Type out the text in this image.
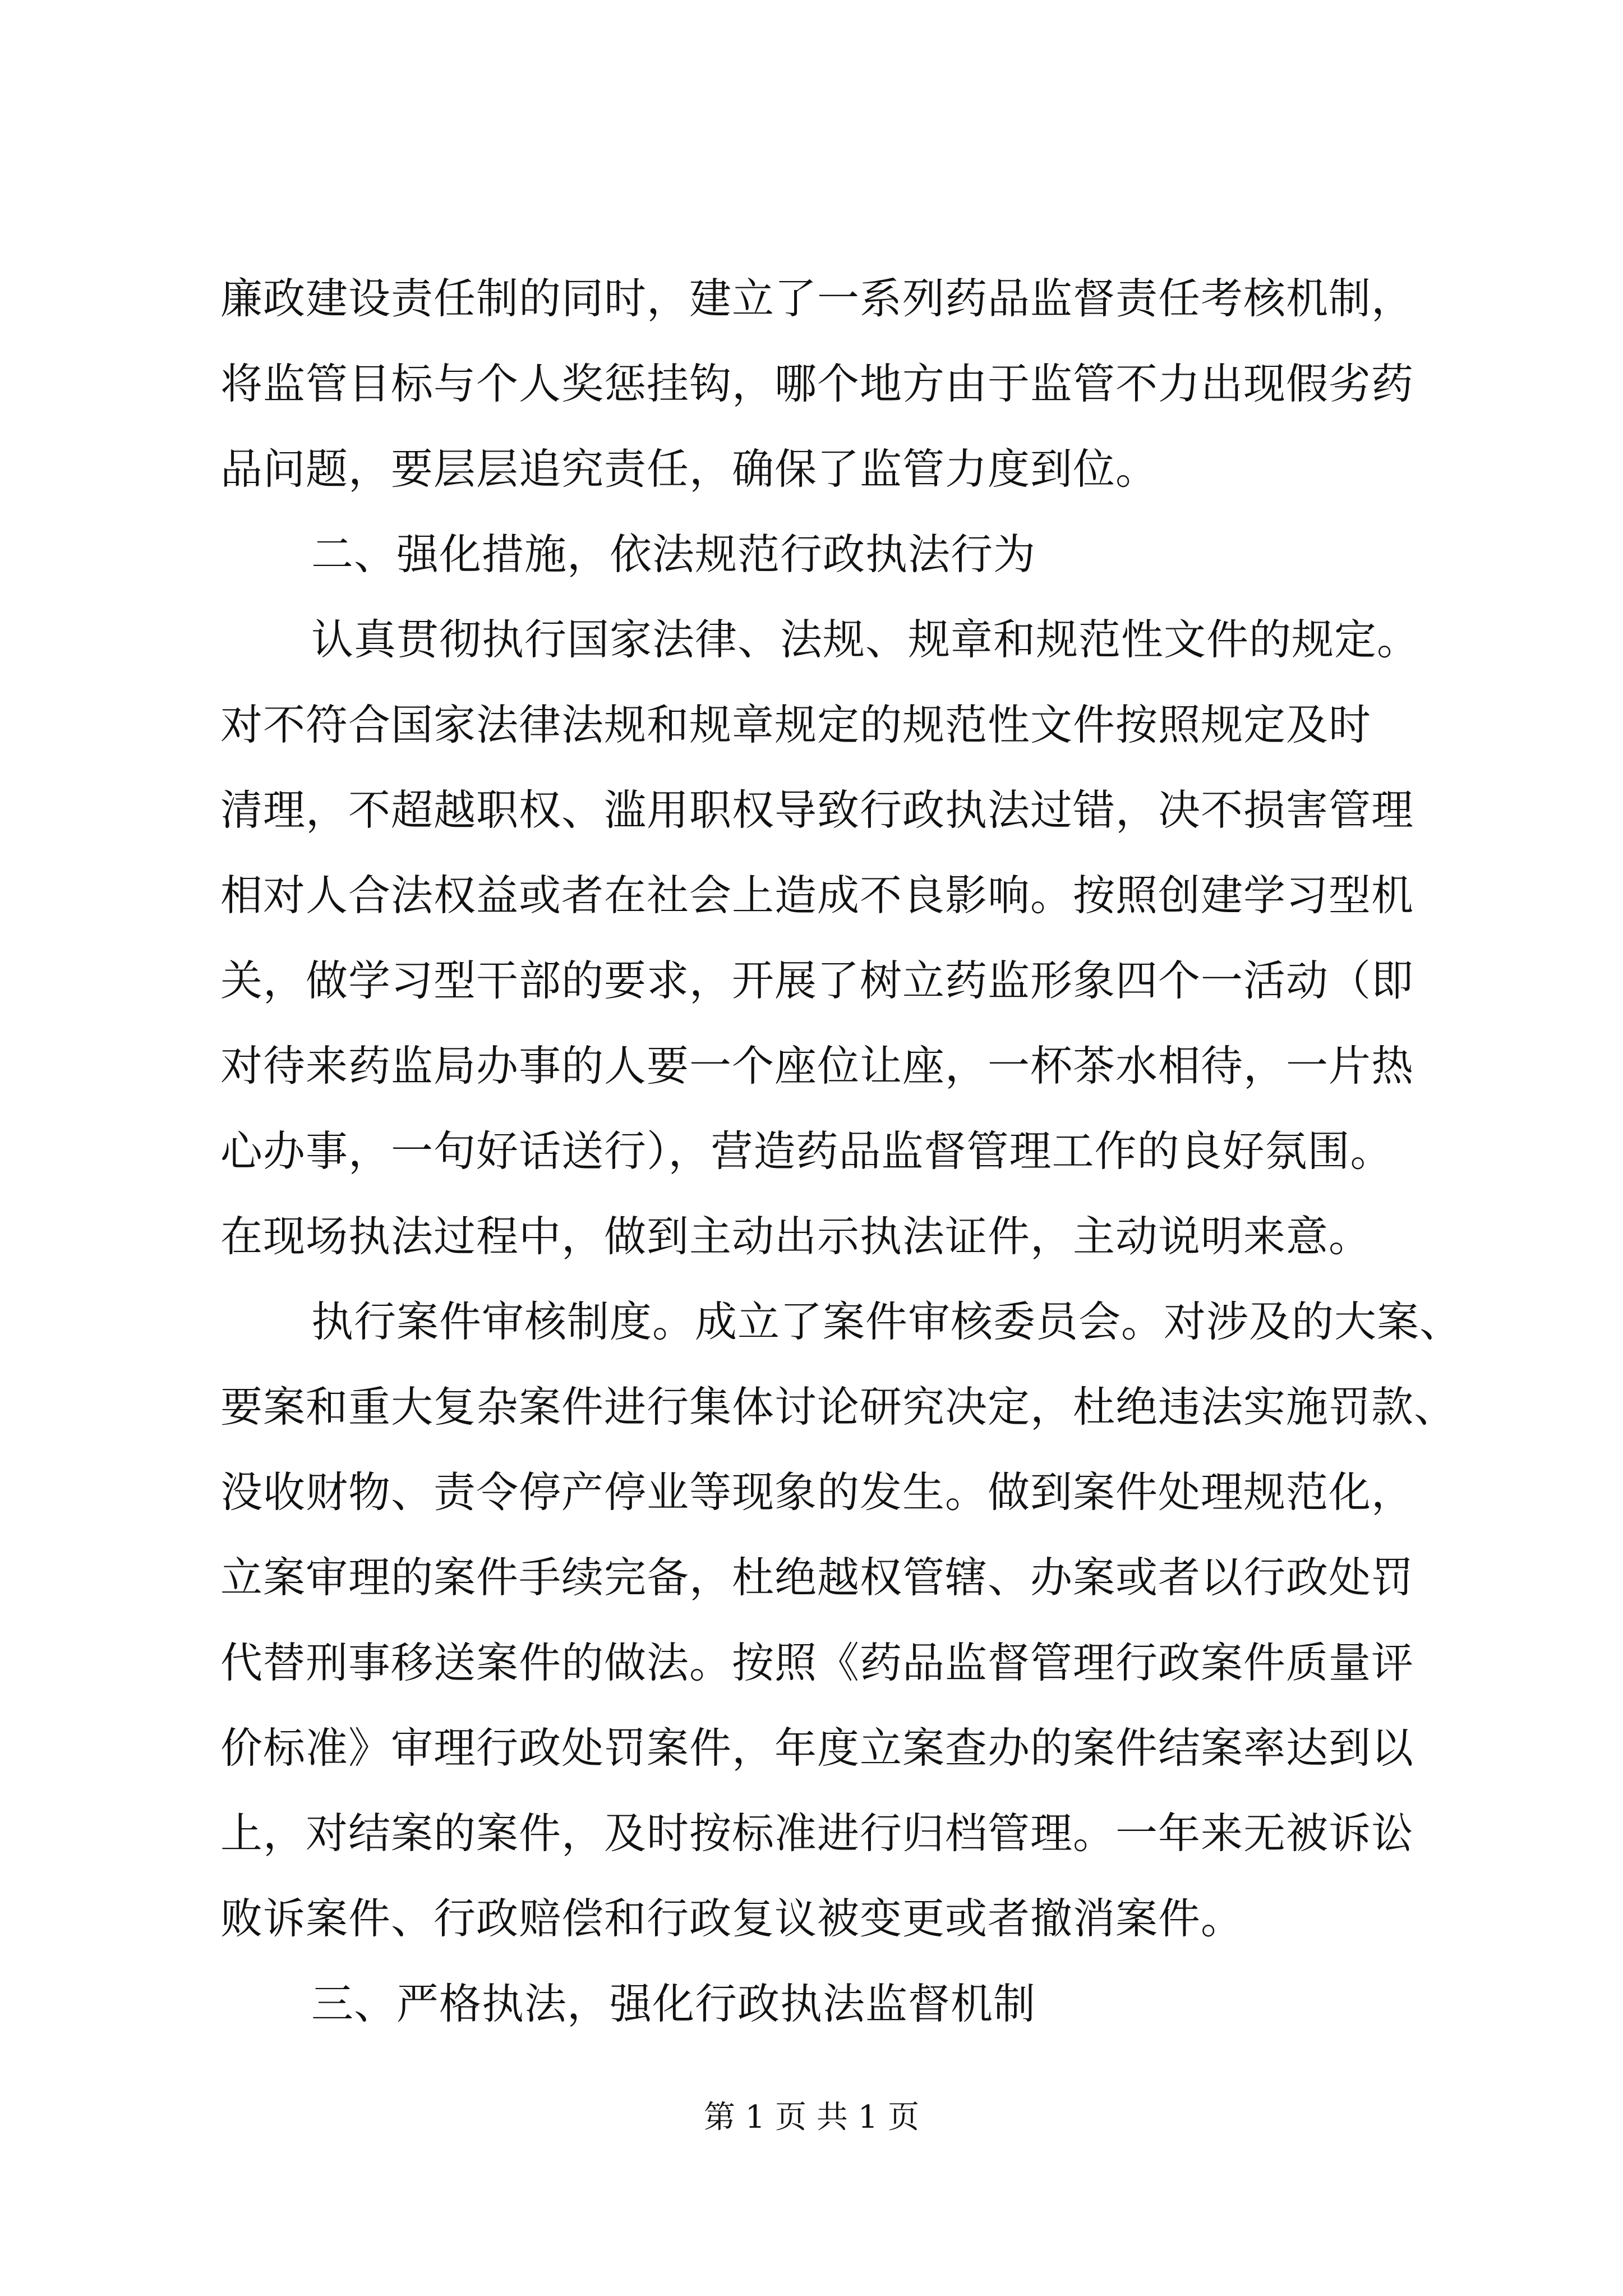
廉政建设责任制的同时，建立了一系列药品监督责任考核机制，
将监管目标与个人奖惩挂钩，哪个地方由于监管不力出现假劣药
品问题，要层层追究责任，确保了监管力度到位。
二、强化措施，依法规范行政执法行为
认真贯彻执行国家法律、法规、规章和规范性文件的规定。
对不符合国家法律法规和规章规定的规范性文件按照规定及时
清理，不超越职权、滥用职权导致行政执法过错，决不损害管理
相对人合法权益或者在社会上造成不良影响。按照创建学习型机
关，做学习型干部的要求，开展了树立药监形象四个一活动（即
对待来药监局办事的人要一个座位让座，一杯茶水相待，一片热
心办事，一句好话送行），营造药品监督管理工作的良好氛围。
在现场执法过程中，做到主动出示执法证件，主动说明来意。
执行案件审核制度。成立了案件审核委员会。对涉及的大案、
要案和重大复杂案件进行集体讨论研究决定，杜绝违法实施罚款、
没收财物、责令停产停业等现象的发生。做到案件处理规范化，
立案审理的案件手续完备，杜绝越权管辖、办案或者以行政处罚
代替刑事移送案件的做法。按照《药品监督管理行政案件质量评
价标准》审理行政处罚案件，年度立案查办的案件结案率达到以
上，对结案的案件，及时按标准进行归档管理。一年来无被诉讼
败诉案件、行政赔偿和行政复议被变更或者撤消案件。
三、严格执法，强化行政执法监督机制
第 1 页 共 1 页
